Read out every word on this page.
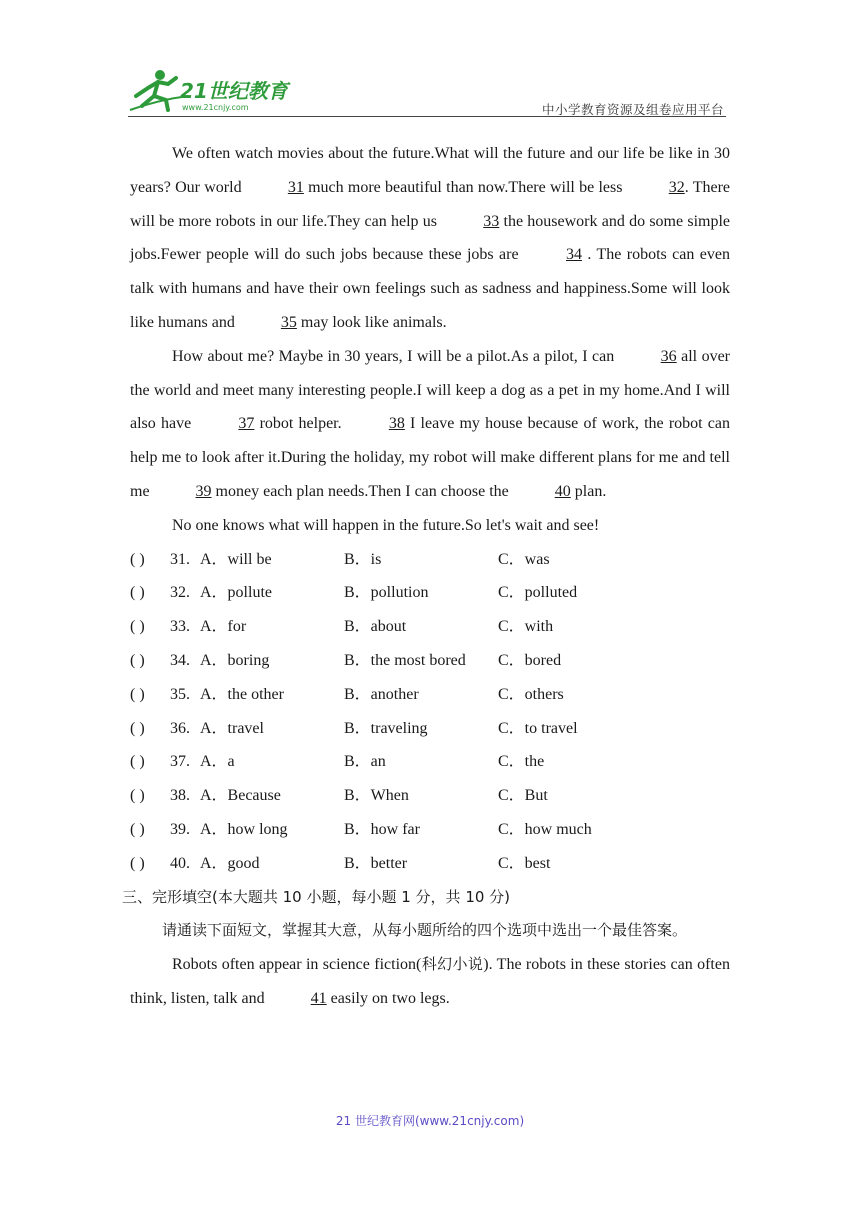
21世纪教育
www.21cnjy.com	中小学教育资源及组卷应用平台

We often watch movies about the future.What will the future and our life be like in 30 years? Our world	31 much more beautiful than now.There will be less	32. There will be more robots in our life.They can help us	33 the housework and do some simple jobs.Fewer people will do such jobs because these jobs are	34 . The robots can even talk with humans and have their own feelings such as sadness and happiness.Some will look like humans and	35 may look like animals.

How about me? Maybe in 30 years, I will be a pilot.As a pilot, I can	36 all over the world and meet many interesting people.I will keep a dog as a pet in my home.And I will also have	37 robot helper.	38 I leave my house because of work, the robot can help me to look after it.During the holiday, my robot will make different plans for me and tell me	39 money each plan needs.Then I can choose the	40 plan.

No one knows what will happen in the future.So let's wait and see!

( ) 31. A．will be	B．is	C．was
( ) 32. A．pollute	B．pollution	C．polluted
( ) 33. A．for	B．about	C．with
( ) 34. A．boring	B．the most bored C．bored
( ) 35. A．the other	B．another	C．others
( ) 36. A．travel	B．traveling	C．to travel
( ) 37. A．a	B．an	C．the
( ) 38. A．Because	B．When	C．But
( ) 39. A．how long	B．how far	C．how much
( ) 40. A．good	B．better	C．best
三、完形填空(本大题共 10 小题，每小题 1 分，共 10 分)

请通读下面短文，掌握其大意，从每小题所给的四个选项中选出一个最佳答案。

Robots often appear in science fiction(科幻小说). The robots in these stories can often think, listen, talk and	41 easily on two legs.

21 世纪教育网(www.21cnjy.com)
